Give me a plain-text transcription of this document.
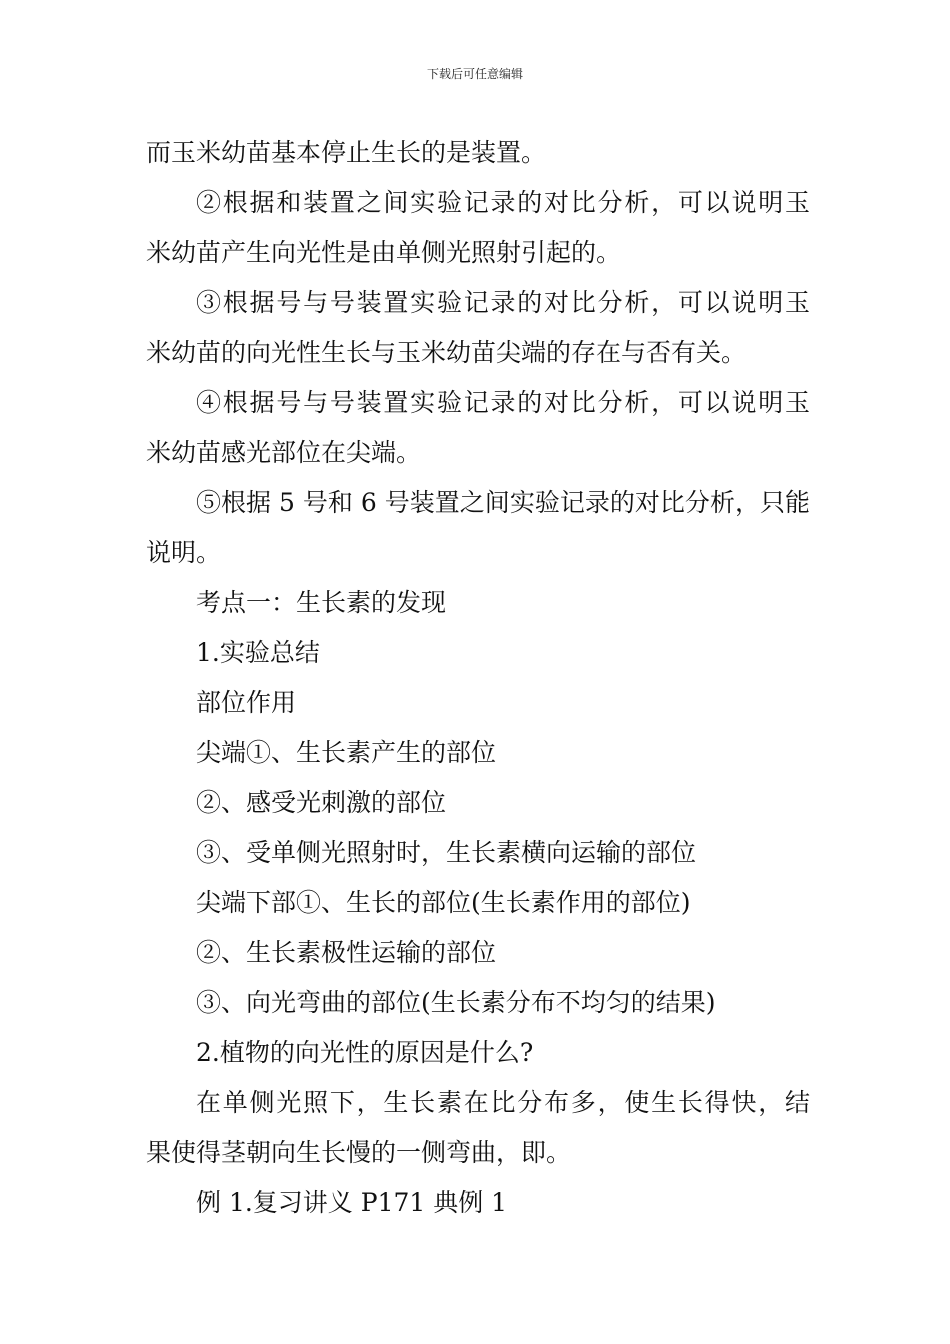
下载后可任意编辑
而玉米幼苗基本停止生长的是装置。
②根据和装置之间实验记录的对比分析，可以说明玉
米幼苗产生向光性是由单侧光照射引起的。
③根据号与号装置实验记录的对比分析，可以说明玉
米幼苗的向光性生长与玉米幼苗尖端的存在与否有关。
④根据号与号装置实验记录的对比分析，可以说明玉
米幼苗感光部位在尖端。
⑤根据 5 号和 6 号装置之间实验记录的对比分析，只能
说明。
考点一：生长素的发现
1.实验总结
部位作用
尖端①、生长素产生的部位
②、感受光刺激的部位
③、受单侧光照射时，生长素横向运输的部位
尖端下部①、生长的部位(生长素作用的部位)
②、生长素极性运输的部位
③、向光弯曲的部位(生长素分布不均匀的结果)
2.植物的向光性的原因是什么?
在单侧光照下，生长素在比分布多，使生长得快，结
果使得茎朝向生长慢的一侧弯曲，即。
例 1.复习讲义 P171 典例 1
